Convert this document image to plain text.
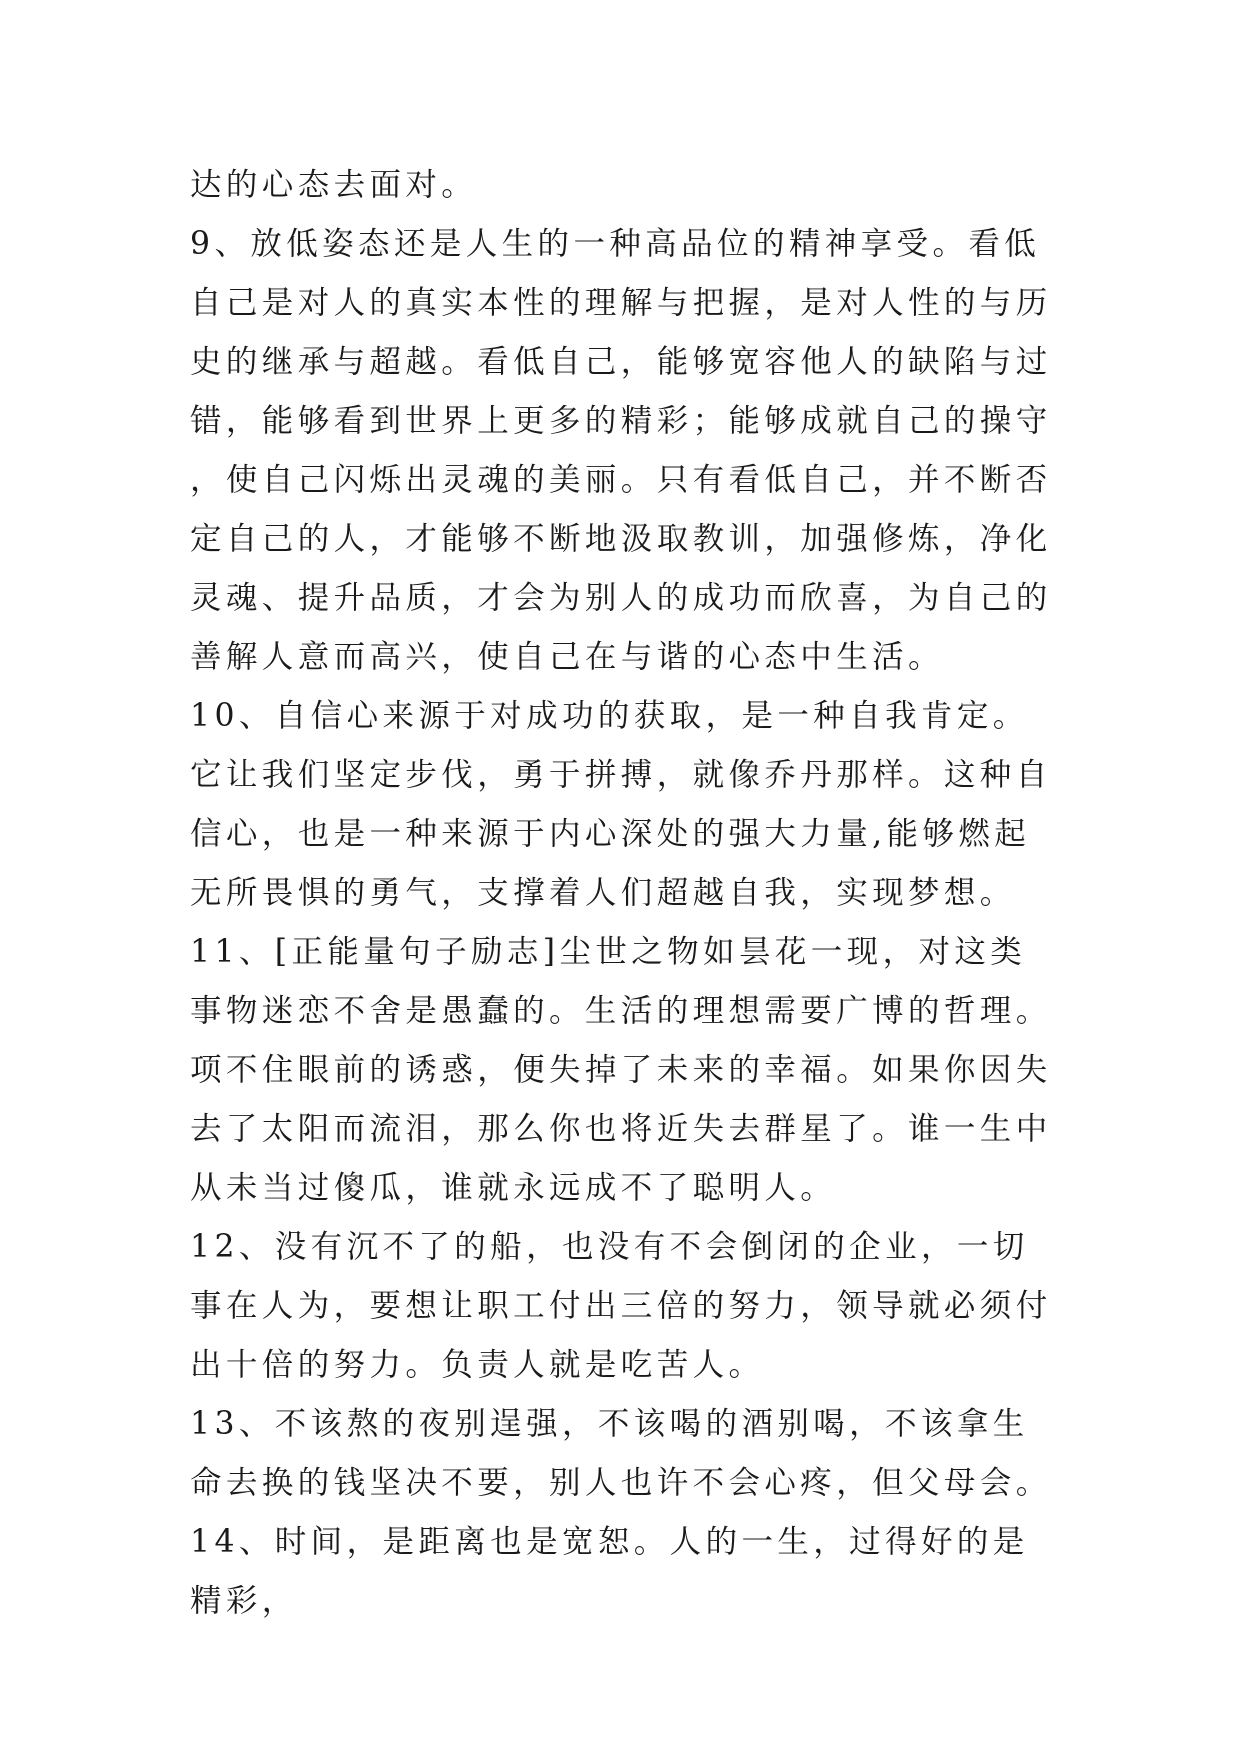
达的心态去面对。

9、放低姿态还是人生的一种高品位的精神享受。看低自己是对人的真实本性的理解与把握，是对人性的与历史的继承与超越。看低自己，能够宽容他人的缺陷与过错，能够看到世界上更多的精彩；能够成就自己的操守，使自己闪烁出灵魂的美丽。只有看低自己，并不断否定自己的人，才能够不断地汲取教训，加强修炼，净化灵魂、提升品质，才会为别人的成功而欣喜，为自己的善解人意而高兴，使自己在与谐的心态中生活。

10、自信心来源于对成功的获取，是一种自我肯定。它让我们坚定步伐，勇于拼搏，就像乔丹那样。这种自信心，也是一种来源于内心深处的强大力量,能够燃起无所畏惧的勇气，支撑着人们超越自我，实现梦想。

11、[正能量句子励志]尘世之物如昙花一现，对这类事物迷恋不舍是愚蠢的。生活的理想需要广博的哲理。项不住眼前的诱惑，便失掉了未来的幸福。如果你因失去了太阳而流泪，那么你也将近失去群星了。谁一生中从未当过傻瓜，谁就永远成不了聪明人。

12、没有沉不了的船，也没有不会倒闭的企业，一切事在人为，要想让职工付出三倍的努力，领导就必须付出十倍的努力。负责人就是吃苦人。

13、不该熬的夜别逞强，不该喝的酒别喝，不该拿生命去换的钱坚决不要，别人也许不会心疼，但父母会。

14、时间，是距离也是宽恕。人的一生，过得好的是精彩，
